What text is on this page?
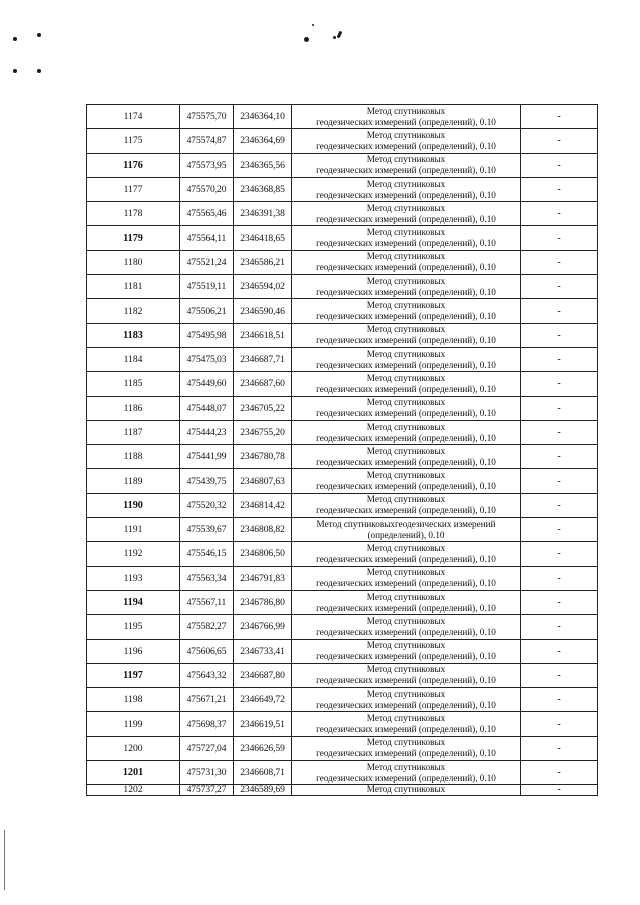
1174	475575,70	2346364,10	Метод спутниковых
геодезических измерений (определений), 0.10	-
1175	475574,87	2346364,69	Метод спутниковых
геодезических измерений (определений), 0.10	-
1176	475573,95	2346365,56	Метод спутниковых
геодезических измерений (определений), 0.10	-
1177	475570,20	2346368,85	Метод спутниковых
геодезических измерений (определений), 0.10	-
1178	475565,46	2346391,38	Метод спутниковых
геодезических измерений (определений), 0.10	-
1179	475564,11	2346418,65	Метод спутниковых
геодезических измерений (определений), 0.10	-
1180	475521,24	2346586,21	Метод спутниковых
геодезических измерений (определений), 0.10	-
1181	475519,11	2346594,02	Метод спутниковых
геодезических измерений (определений), 0.10	-
1182	475506,21	2346590,46	Метод спутниковых
геодезических измерений (определений), 0.10	-
1183	475495,98	2346618,51	Метод спутниковых
геодезических измерений (определений), 0.10	-
1184	475475,03	2346687,71	Метод спутниковых
геодезических измерений (определений), 0.10	-
1185	475449,60	2346687,60	Метод спутниковых
геодезических измерений (определений), 0.10	-
1186	475448,07	2346705,22	Метод спутниковых
геодезических измерений (определений), 0.10	-
1187	475444,23	2346755,20	Метод спутниковых
геодезических измерений (определений), 0.10	-
1188	475441,99	2346780,78	Метод спутниковых
геодезических измерений (определений), 0.10	-
1189	475439,75	2346807,63	Метод спутниковых
геодезических измерений (определений), 0.10	-
1190	475520,32	2346814,42	Метод спутниковых
геодезических измерений (определений), 0.10	-
1191	475539,67	2346808,82	Метод спутниковыхгеодезических измерений
(определений), 0.10	-
1192	475546,15	2346806,50	Метод спутниковых
геодезических измерений (определений), 0.10	-
1193	475563,34	2346791,83	Метод спутниковых
геодезических измерений (определений), 0.10	-
1194	475567,11	2346786,80	Метод спутниковых
геодезических измерений (определений), 0.10	-
1195	475582,27	2346766,99	Метод спутниковых
геодезических измерений (определений), 0.10	-
1196	475606,65	2346733,41	Метод спутниковых
геодезических измерений (определений), 0.10	-
1197	475643,32	2346687,80	Метод спутниковых
геодезических измерений (определений), 0.10	-
1198	475671,21	2346649,72	Метод спутниковых
геодезических измерений (определений), 0.10	-
1199	475698,37	2346619,51	Метод спутниковых
геодезических измерений (определений), 0.10	-
1200	475727,04	2346626,59	Метод спутниковых
геодезических измерений (определений), 0.10	-
1201	475731,30	2346608,71	Метод спутниковых
геодезических измерений (определений), 0.10	-
1202	475737,27	2346589,69	Метод спутниковых	-
